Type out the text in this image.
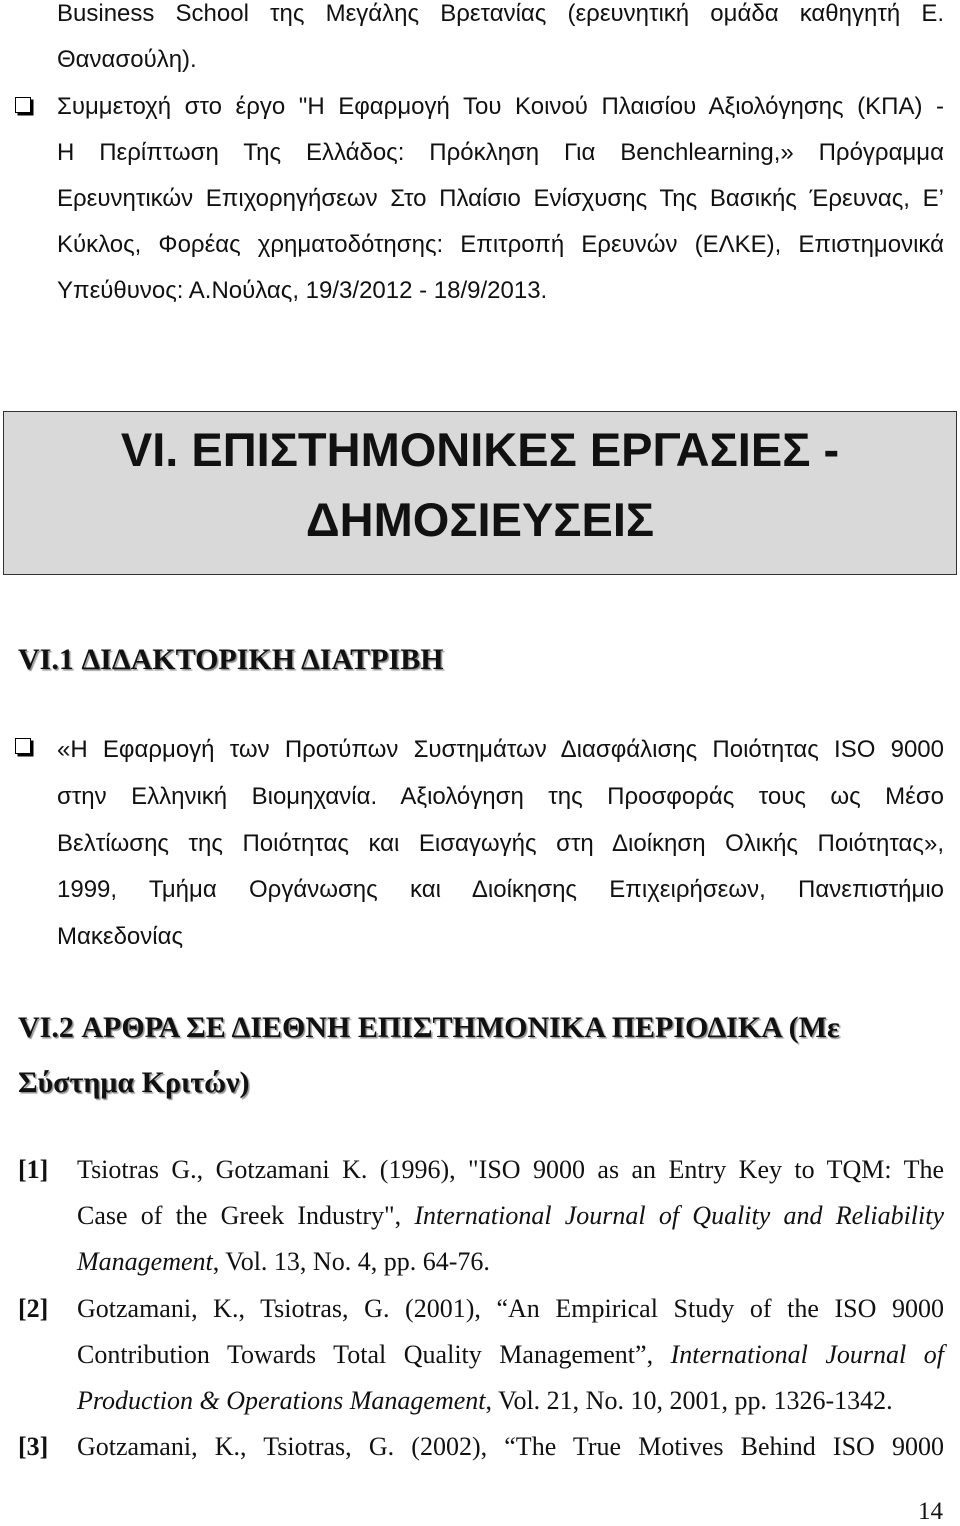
Business School της Μεγάλης Βρετανίας (ερευνητική ομάδα καθηγητή Ε.
Θανασούλη).
Συμμετοχή στο έργο "Η Εφαρμογή Του Κοινού Πλαισίου Αξιολόγησης (ΚΠΑ) -
Η Περίπτωση Της Ελλάδος: Πρόκληση Για Benchlearning,» Πρόγραμμα
Ερευνητικών Επιχορηγήσεων Στο Πλαίσιο Ενίσχυσης Της Βασικής Έρευνας, Ε’
Κύκλος, Φορέας χρηματοδότησης: Επιτροπή Ερευνών (ΕΛΚΕ), Επιστημονικά
Υπεύθυνος: Α.Νούλας, 19/3/2012 - 18/9/2013.
VI. ΕΠΙΣΤΗΜΟΝΙΚΕΣ ΕΡΓΑΣΙΕΣ -
ΔΗΜΟΣΙΕΥΣΕΙΣ
VI.1 ΔΙΔΑΚΤΟΡΙΚΗ ΔΙΑΤΡΙΒΗ
«Η Εφαρμογή των Προτύπων Συστημάτων Διασφάλισης Ποιότητας ISO 9000
στην Ελληνική Βιομηχανία. Αξιολόγηση της Προσφοράς τους ως Μέσο
Βελτίωσης της Ποιότητας και Εισαγωγής στη Διοίκηση Ολικής Ποιότητας»,
1999, Τμήμα Οργάνωσης και Διοίκησης Επιχειρήσεων, Πανεπιστήμιο
Μακεδονίας
VI.2 ΑΡΘΡΑ ΣΕ ΔΙΕΘΝΗ ΕΠΙΣΤΗΜΟΝΙΚΑ ΠΕΡΙΟΔΙΚΑ (Με
Σύστημα Κριτών)
[1] Tsiotras G., Gotzamani K. (1996), "ISO 9000 as an Entry Key to TQM: The
Case of the Greek Industry", International Journal of Quality and Reliability
Management, Vol. 13, No. 4, pp. 64-76.
[2] Gotzamani, K., Tsiotras, G. (2001), “An Empirical Study of the ISO 9000
Contribution Towards Total Quality Management”, International Journal of
Production & Operations Management, Vol. 21, No. 10, 2001, pp. 1326-1342.
[3] Gotzamani, K., Tsiotras, G. (2002), “The True Motives Behind ISO 9000
14
